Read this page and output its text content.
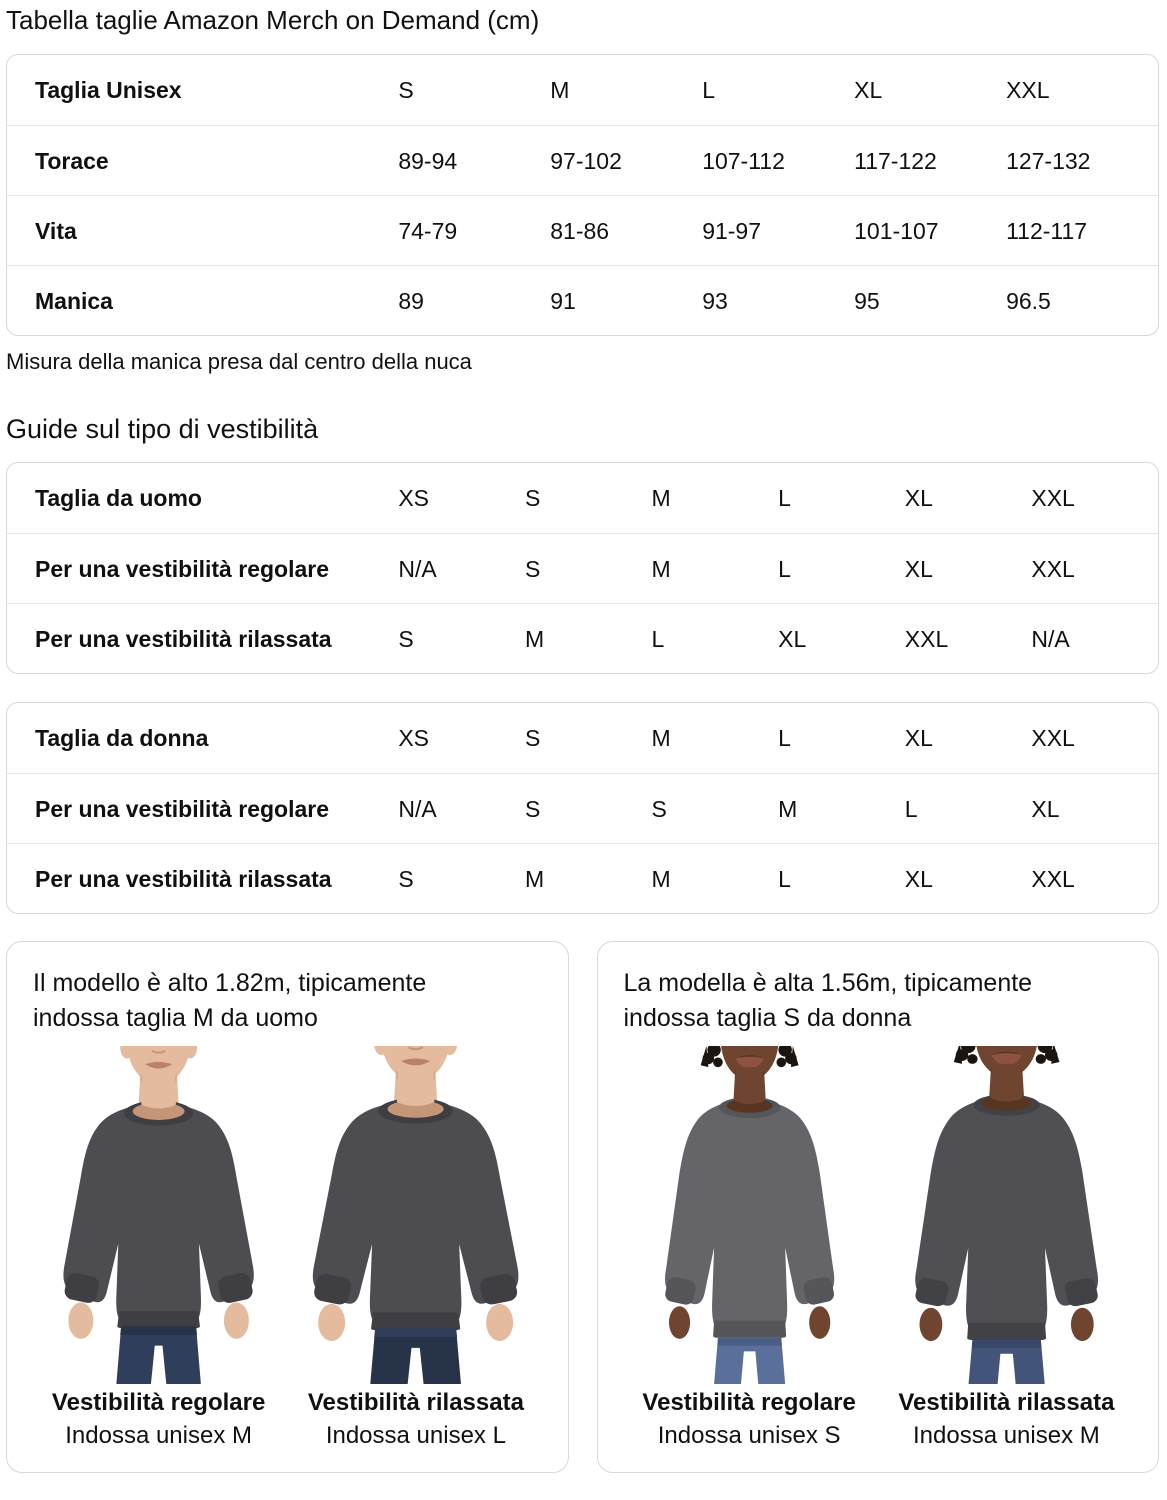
Tabella taglie Amazon Merch on Demand (cm)
Taglia Unisex	S	M	L	XL	XXL
Torace	89-94	97-102	107-112	117-122	127-132
Vita	74-79	81-86	91-97	101-107	112-117
Manica	89	91	93	95	96.5

Misura della manica presa dal centro della nuca

Guide sul tipo di vestibilità
Taglia da uomo	XS	S	M	L	XL	XXL
Per una vestibilità regolare	N/A	S	M	L	XL	XXL
Per una vestibilità rilassata	S	M	L	XL	XXL	N/A
Taglia da donna	XS	S	M	L	XL	XXL
Per una vestibilità regolare	N/A	S	S	M	L	XL
Per una vestibilità rilassata	S	M	M	L	XL	XXL

Il modello è alto 1.82m, tipicamente indossa taglia M da uomo

Vestibilità regolare
Indossa unisex M
Vestibilità rilassata
Indossa unisex L

La modella è alta 1.56m, tipicamente indossa taglia S da donna

Vestibilità regolare
Indossa unisex S
Vestibilità rilassata
Indossa unisex M
